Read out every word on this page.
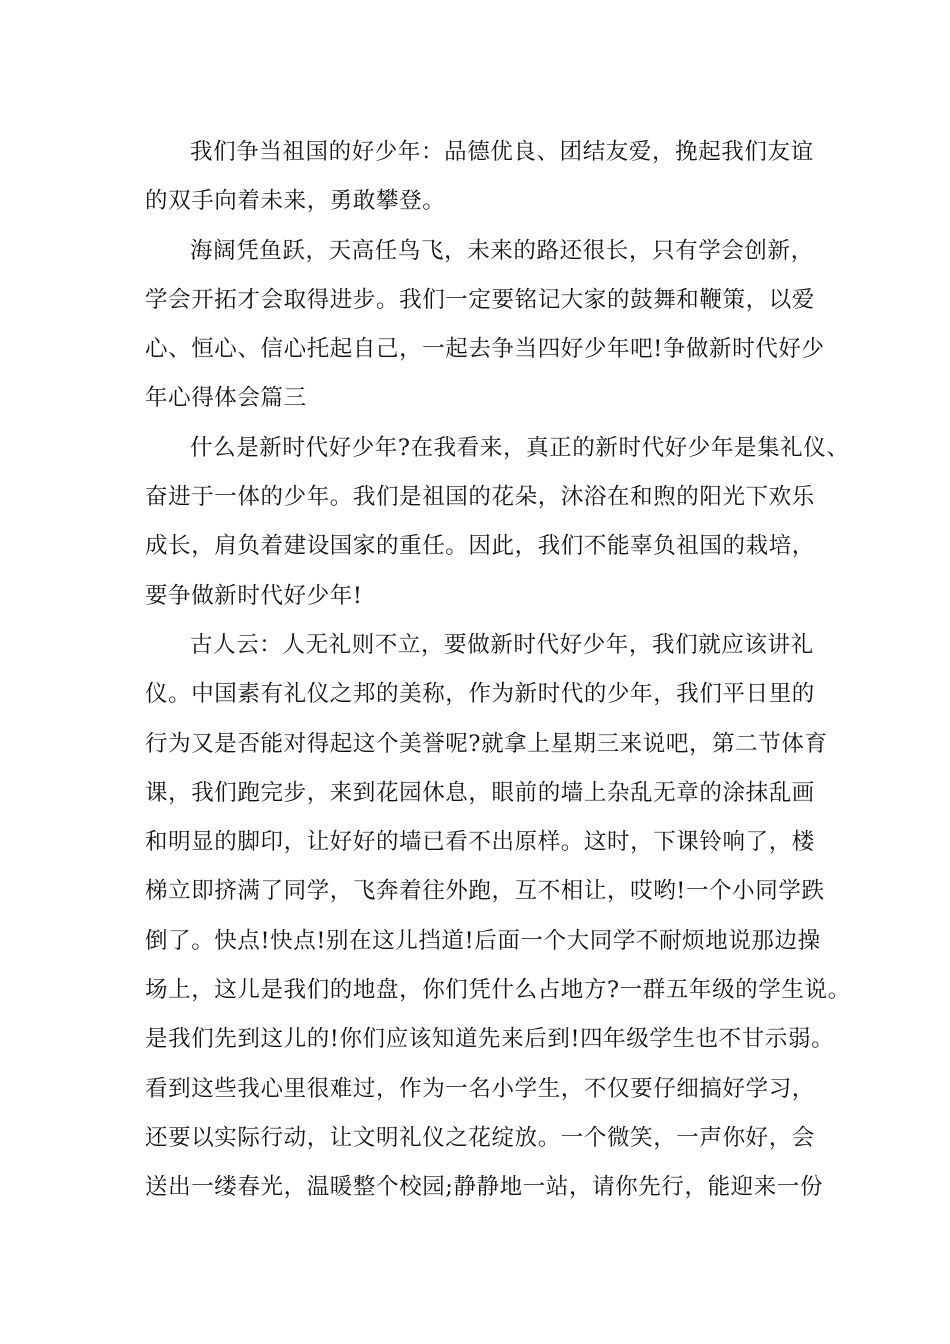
我们争当祖国的好少年：品德优良、团结友爱，挽起我们友谊
的双手向着未来，勇敢攀登。
海阔凭鱼跃，天高任鸟飞，未来的路还很长，只有学会创新，
学会开拓才会取得进步。我们一定要铭记大家的鼓舞和鞭策，以爱
心、恒心、信心托起自己，一起去争当四好少年吧!争做新时代好少
年心得体会篇三
什么是新时代好少年?在我看来，真正的新时代好少年是集礼仪、
奋进于一体的少年。我们是祖国的花朵，沐浴在和煦的阳光下欢乐
成长，肩负着建设国家的重任。因此，我们不能辜负祖国的栽培，
要争做新时代好少年!
古人云：人无礼则不立，要做新时代好少年，我们就应该讲礼
仪。中国素有礼仪之邦的美称，作为新时代的少年，我们平日里的
行为又是否能对得起这个美誉呢?就拿上星期三来说吧，第二节体育
课，我们跑完步，来到花园休息，眼前的墙上杂乱无章的涂抹乱画
和明显的脚印，让好好的墙已看不出原样。这时，下课铃响了，楼
梯立即挤满了同学，飞奔着往外跑，互不相让，哎哟!一个小同学跌
倒了。快点!快点!别在这儿挡道!后面一个大同学不耐烦地说那边操
场上，这儿是我们的地盘，你们凭什么占地方?一群五年级的学生说。
是我们先到这儿的!你们应该知道先来后到!四年级学生也不甘示弱。
看到这些我心里很难过，作为一名小学生，不仅要仔细搞好学习，
还要以实际行动，让文明礼仪之花绽放。一个微笑，一声你好，会
送出一缕春光，温暖整个校园;静静地一站，请你先行，能迎来一份
